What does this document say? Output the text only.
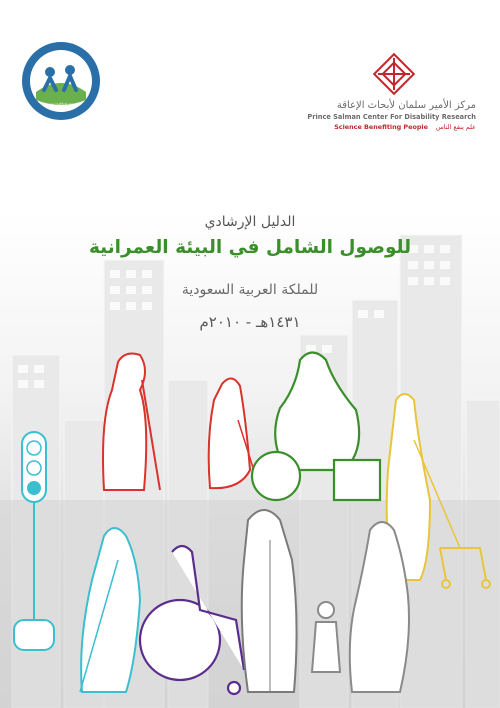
www.jadhal.com	مركز الأمير سلمان لأبحاث الإعاقة
Prince Salman Center For Disability Research
Science Benefiting People علم ينفع الناس
الدليل الإرشادي
للوصول الشامل في البيئة العمرانية
للملكة العربية السعودية
١٤٣١هـ - ٢٠١٠م
